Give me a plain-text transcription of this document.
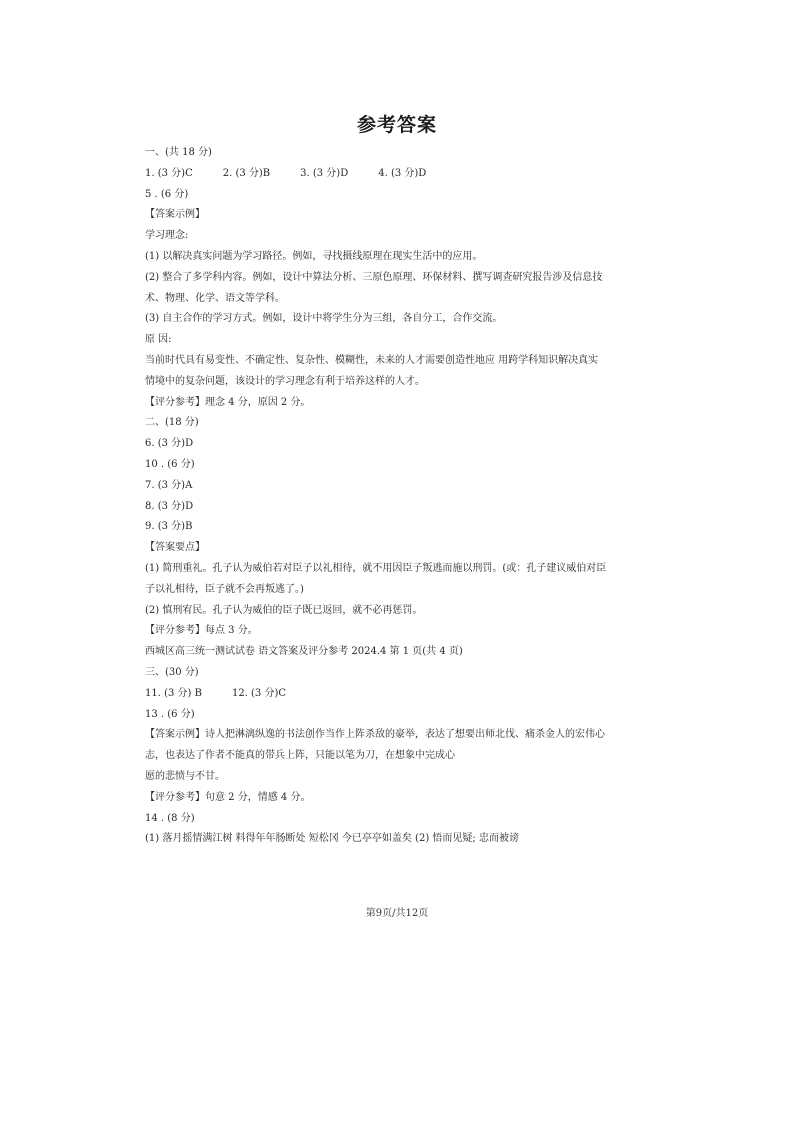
参考答案
一、(共 18 分)
1. (3 分)C	2. (3 分)B	3. (3 分)D	4. (3 分)D
5 . (6 分)
【答案示例】
学习理念:
(1) 以解决真实问题为学习路径。例如，寻找摄线原理在现实生活中的应用。
(2) 整合了多学科内容。例如，设计中算法分析、三原色原理、环保材料、撰写调查研究报告涉及信息技
术、物理、化学、语文等学科。
(3) 自主合作的学习方式。例如，设计中将学生分为三组，各自分工，合作交流。
原 因:
当前时代具有易变性、不确定性、复杂性、模糊性，未来的人才需要创造性地应 用跨学科知识解决真实
情境中的复杂问题，该设计的学习理念有利于培养这样的人才。
【评分参考】理念 4 分，原因 2 分。
二、(18 分)
6. (3 分)D
10 . (6 分)
7. (3 分)A
8. (3 分)D
9. (3 分)B
【答案要点】
(1) 简刑重礼。孔子认为威伯若对臣子以礼相待，就不用因臣子叛逃而施以刑罚。(或：孔子建议威伯对臣
子以礼相待，臣子就不会再叛逃了。)
(2) 慎刑宥民。孔子认为威伯的臣子既已返回，就不必再惩罚。
【评分参考】每点 3 分。
西城区高三统一测试试卷 语文答案及评分参考 2024.4 第 1 页(共 4 页)
三、(30 分)
11. (3 分) B	12. (3 分)C
13 . (6 分)
【答案示例】诗人把淋漓纵逸的书法创作当作上阵杀敌的豪举，表达了想要出师北伐、痛杀金人的宏伟心
志，也表达了作者不能真的带兵上阵，只能以笔为刀，在想象中完成心
愿的悲愤与不甘。
【评分参考】句意 2 分，情感 4 分。
14 . (8 分)
(1) 落月摇情满江树 料得年年肠断处 短松冈 今已亭亭如盖矣 (2) 悟而见疑; 忠而被谤
第9页/共12页
